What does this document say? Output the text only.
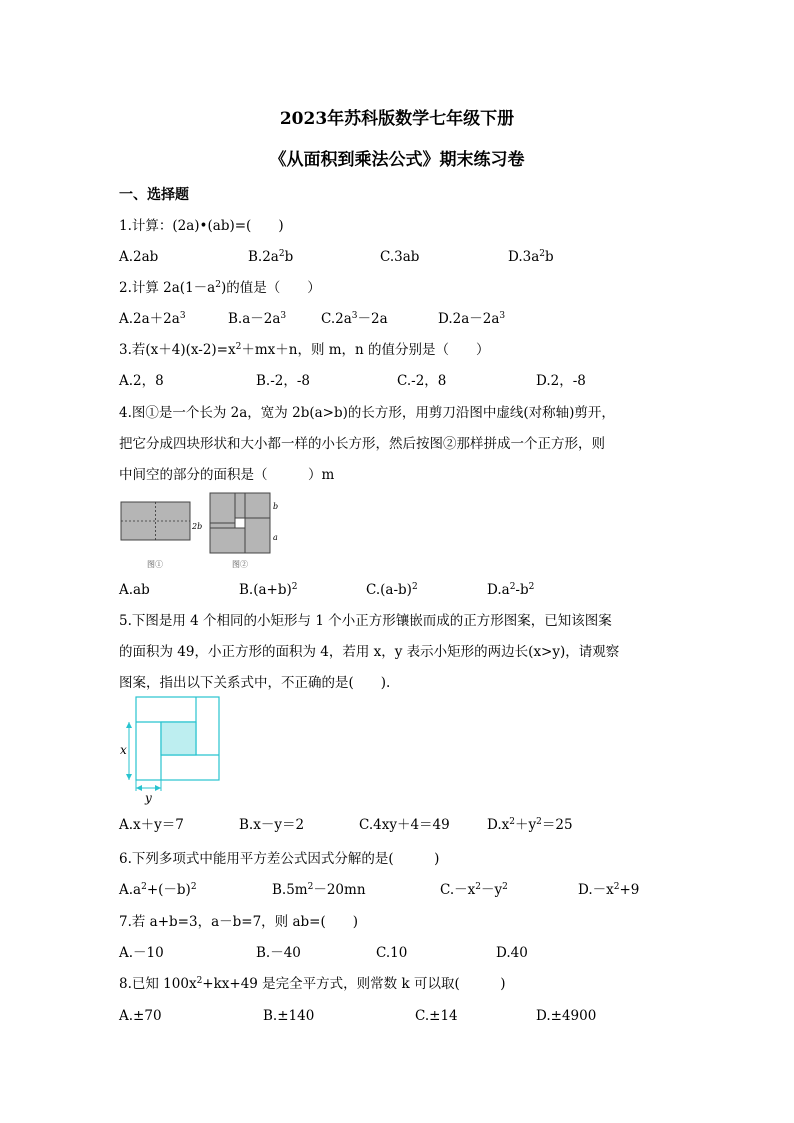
2023年苏科版数学七年级下册
《从面积到乘法公式》期末练习卷
一、选择题
1.计算：(2a)•(ab)=(　　)
A.2ab	$B.2a^2b$	C.3ab	$D.3a^2b$
2.计算 $2a(1-a^2)$的值是（　　）
$A.2a+2a^3$	$B.a-2a^3$	$C.2a^3-2a$	$D.2a-2a^3$
3.若$(x+4)(x-2)=x^2+mx+n$，则 m，n 的值分别是（　　）
A.2，8	B.-2，-8	C.-2，8	D.2，-8
4.图①是一个长为 2a，宽为 2b(a>b)的长方形，用剪刀沿图中虚线(对称轴)剪开，
把它分成四块形状和大小都一样的小长方形，然后按图②那样拼成一个正方形，则
中间空的部分的面积是（　　　）m
2b
图①
b
a
图②
A.ab	$B.(a+b)^2$	$C.(a-b)^2$	$D.a^2-b^2$
5.下图是用 4 个相同的小矩形与 1 个小正方形镶嵌而成的正方形图案，已知该图案
的面积为 49，小正方形的面积为 4，若用 x，y 表示小矩形的两边长(x>y)，请观察
图案，指出以下关系式中，不正确的是(　　).
x
y
A.x＋y＝7	B.x－y＝2	C.4xy＋4＝49	$D.x^2+y^2=25$
6.下列多项式中能用平方差公式因式分解的是(　　　)
$A.a^2+(-b)^2$	$B.5m^2-20mn$	$C.-x^2-y^2$	$D.-x^2+9$
7.若 a+b=3，a－b=7，则 ab=(　　)
A.－10	B.－40	C.10	D.40
8.已知 $100x^2+kx+49$ 是完全平方式，则常数 k 可以取(　　　)
A.±70	B.±140	C.±14	D.±4900
